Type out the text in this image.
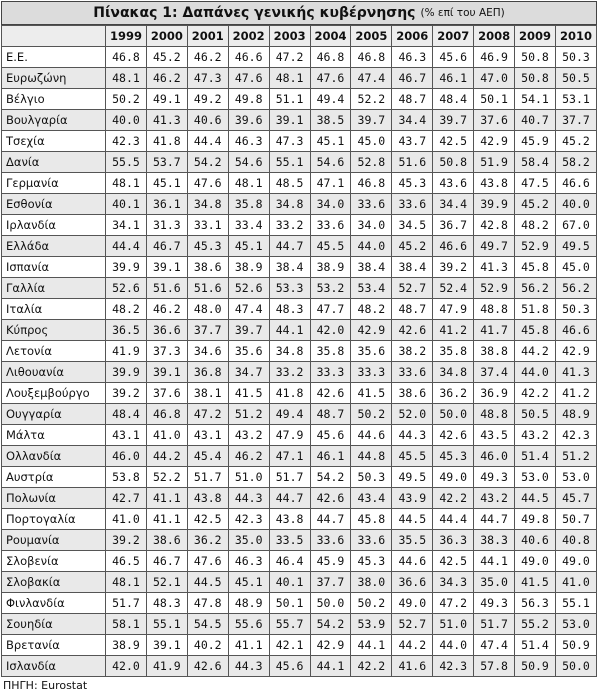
Πίνακας 1: Δαπάνες γενικής κυβέρνησης (% επί του ΑΕΠ)
	1999	2000	2001	2002	2003	2004	2005	2006	2007	2008	2009	2010
Ε.Ε.	46.8	45.2	46.2	46.6	47.2	46.8	46.8	46.3	45.6	46.9	50.8	50.3
Ευρωζώνη	48.1	46.2	47.3	47.6	48.1	47.6	47.4	46.7	46.1	47.0	50.8	50.5
Βέλγιο	50.2	49.1	49.2	49.8	51.1	49.4	52.2	48.7	48.4	50.1	54.1	53.1
Βουλγαρία	40.0	41.3	40.6	39.6	39.1	38.5	39.7	34.4	39.7	37.6	40.7	37.7
Τσεχία	42.3	41.8	44.4	46.3	47.3	45.1	45.0	43.7	42.5	42.9	45.9	45.2
Δανία	55.5	53.7	54.2	54.6	55.1	54.6	52.8	51.6	50.8	51.9	58.4	58.2
Γερμανία	48.1	45.1	47.6	48.1	48.5	47.1	46.8	45.3	43.6	43.8	47.5	46.6
Εσθονία	40.1	36.1	34.8	35.8	34.8	34.0	33.6	33.6	34.4	39.9	45.2	40.0
Ιρλανδία	34.1	31.3	33.1	33.4	33.2	33.6	34.0	34.5	36.7	42.8	48.2	67.0
Ελλάδα	44.4	46.7	45.3	45.1	44.7	45.5	44.0	45.2	46.6	49.7	52.9	49.5
Ισπανία	39.9	39.1	38.6	38.9	38.4	38.9	38.4	38.4	39.2	41.3	45.8	45.0
Γαλλία	52.6	51.6	51.6	52.6	53.3	53.2	53.4	52.7	52.4	52.9	56.2	56.2
Ιταλία	48.2	46.2	48.0	47.4	48.3	47.7	48.2	48.7	47.9	48.8	51.8	50.3
Κύπρος	36.5	36.6	37.7	39.7	44.1	42.0	42.9	42.6	41.2	41.7	45.8	46.6
Λετονία	41.9	37.3	34.6	35.6	34.8	35.8	35.6	38.2	35.8	38.8	44.2	42.9
Λιθουανία	39.9	39.1	36.8	34.7	33.2	33.3	33.3	33.6	34.8	37.4	44.0	41.3
Λουξεμβούργο	39.2	37.6	38.1	41.5	41.8	42.6	41.5	38.6	36.2	36.9	42.2	41.2
Ουγγαρία	48.4	46.8	47.2	51.2	49.4	48.7	50.2	52.0	50.0	48.8	50.5	48.9
Μάλτα	43.1	41.0	43.1	43.2	47.9	45.6	44.6	44.3	42.6	43.5	43.2	42.3
Ολλανδία	46.0	44.2	45.4	46.2	47.1	46.1	44.8	45.5	45.3	46.0	51.4	51.2
Αυστρία	53.8	52.2	51.7	51.0	51.7	54.2	50.3	49.5	49.0	49.3	53.0	53.0
Πολωνία	42.7	41.1	43.8	44.3	44.7	42.6	43.4	43.9	42.2	43.2	44.5	45.7
Πορτογαλία	41.0	41.1	42.5	42.3	43.8	44.7	45.8	44.5	44.4	44.7	49.8	50.7
Ρουμανία	39.2	38.6	36.2	35.0	33.5	33.6	33.6	35.5	36.3	38.3	40.6	40.8
Σλοβενία	46.5	46.7	47.6	46.3	46.4	45.9	45.3	44.6	42.5	44.1	49.0	49.0
Σλοβακία	48.1	52.1	44.5	45.1	40.1	37.7	38.0	36.6	34.3	35.0	41.5	41.0
Φινλανδία	51.7	48.3	47.8	48.9	50.1	50.0	50.2	49.0	47.2	49.3	56.3	55.1
Σουηδία	58.1	55.1	54.5	55.6	55.7	54.2	53.9	52.7	51.0	51.7	55.2	53.0
Βρετανία	38.9	39.1	40.2	41.1	42.1	42.9	44.1	44.2	44.0	47.4	51.4	50.9
Ισλανδία	42.0	41.9	42.6	44.3	45.6	44.1	42.2	41.6	42.3	57.8	50.9	50.0
ΠΗΓΗ: Eurostat
